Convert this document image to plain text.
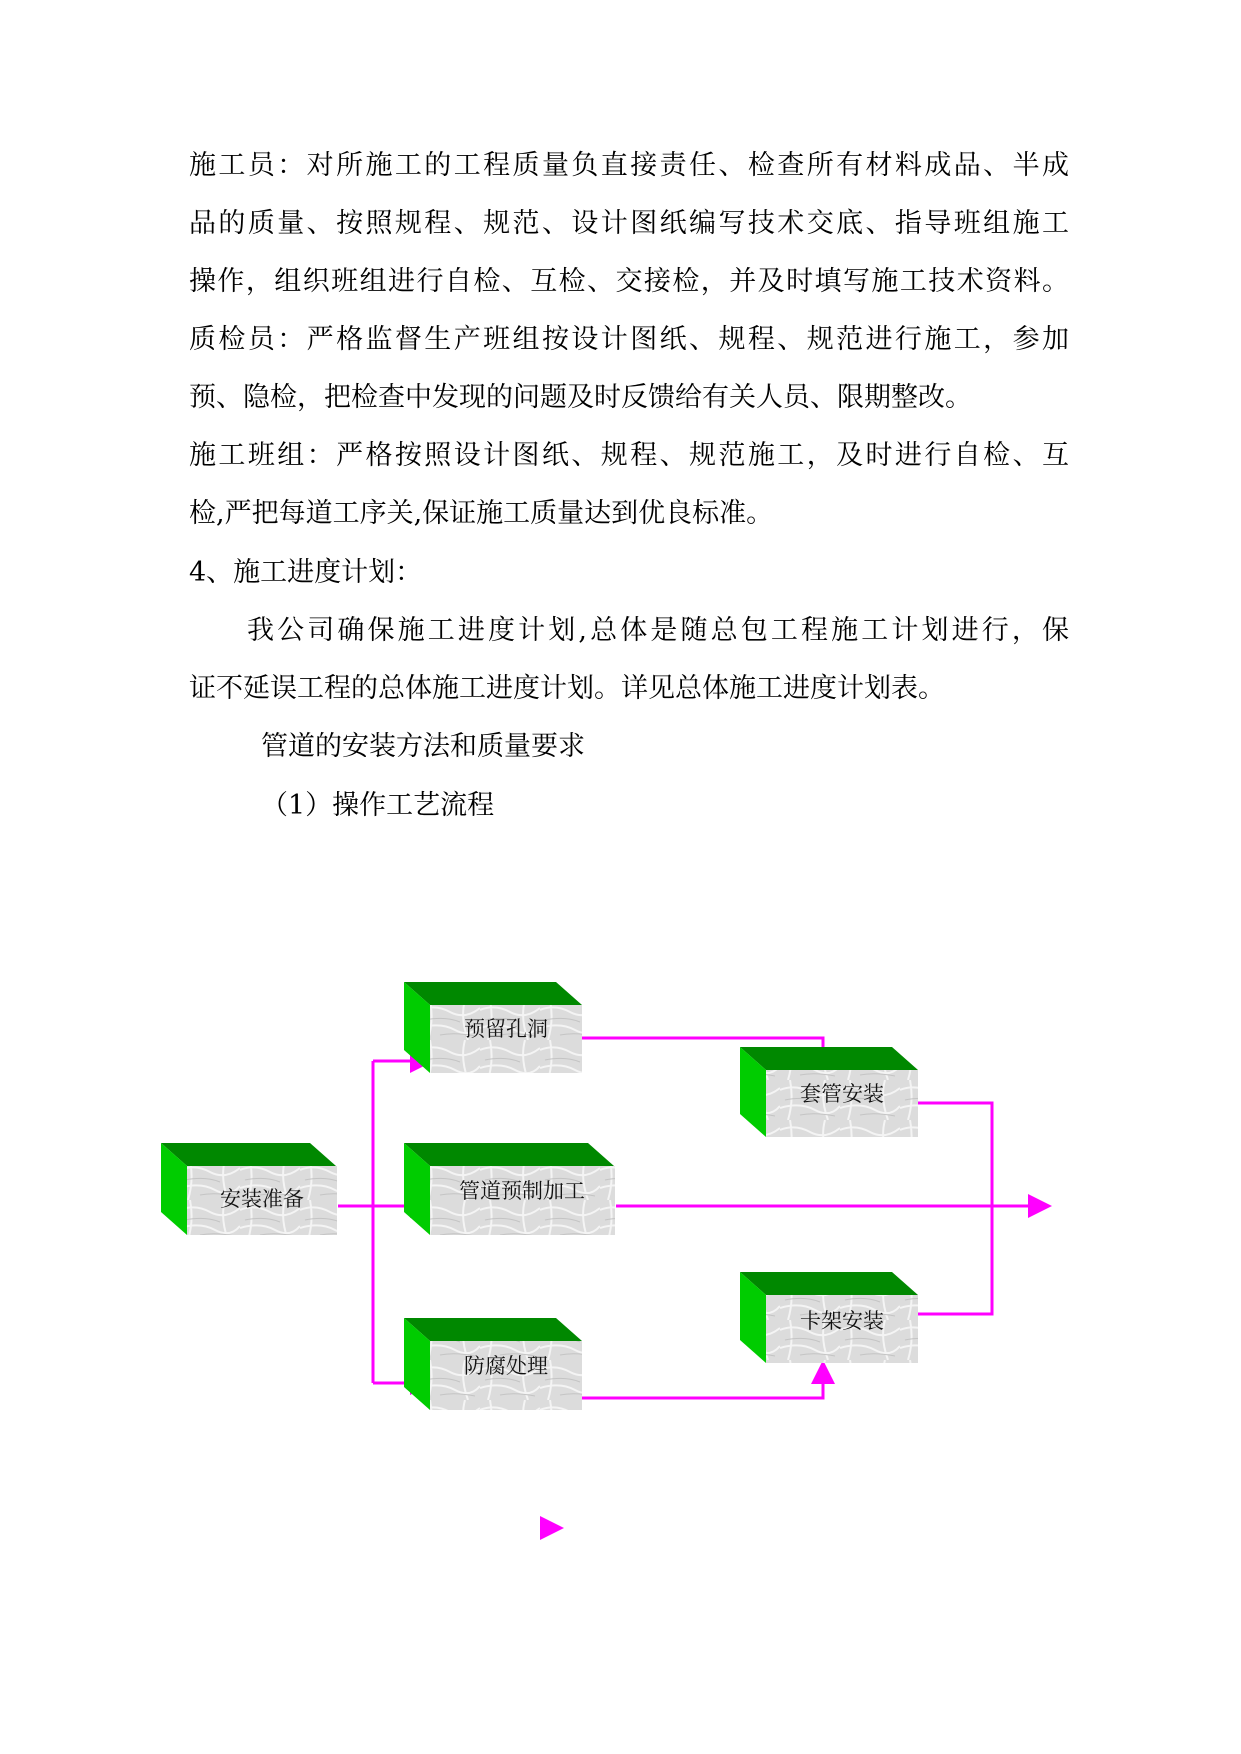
施工员：对所施工的工程质量负直接责任、检查所有材料成品、半成
品的质量、按照规程、规范、设计图纸编写技术交底、指导班组施工
操作，组织班组进行自检、互检、交接检，并及时填写施工技术资料。
质检员：严格监督生产班组按设计图纸、规程、规范进行施工，参加
预、隐检，把检查中发现的问题及时反馈给有关人员、限期整改。
施工班组：严格按照设计图纸、规程、规范施工，及时进行自检、互
检,严把每道工序关,保证施工质量达到优良标准。
4、施工进度计划：
我公司确保施工进度计划,总体是随总包工程施工计划进行，保
证不延误工程的总体施工进度计划。详见总体施工进度计划表。
管道的安装方法和质量要求
（1）操作工艺流程
安装准备
预留孔洞
管道预制加工
防腐处理
套管安装
卡架安装
